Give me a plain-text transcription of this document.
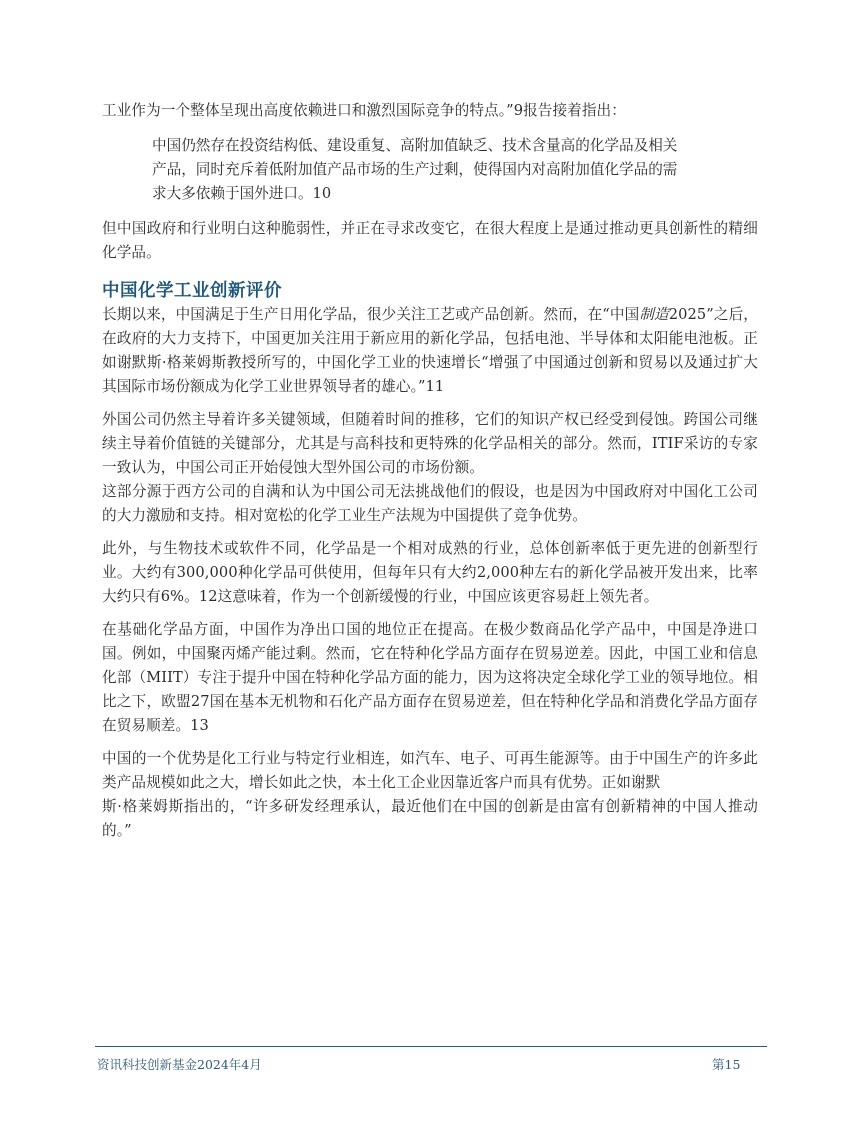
工业作为一个整体呈现出高度依赖进口和激烈国际竞争的特点。”9报告接着指出：

中国仍然存在投资结构低、建设重复、高附加值缺乏、技术含量高的化学品及相关产品，同时充斥着低附加值产品市场的生产过剩，使得国内对高附加值化学品的需求大多依赖于国外进口。10

但中国政府和行业明白这种脆弱性，并正在寻求改变它，在很大程度上是通过推动更具创新性的精细化学品。

中国化学工业创新评价

长期以来，中国满足于生产日用化学品，很少关注工艺或产品创新。然而，在“中国制造2025”之后，在政府的大力支持下，中国更加关注用于新应用的新化学品，包括电池、半导体和太阳能电池板。正如谢默斯·格莱姆斯教授所写的，中国化学工业的快速增长“增强了中国通过创新和贸易以及通过扩大其国际市场份额成为化学工业世界领导者的雄心。”11

外国公司仍然主导着许多关键领域，但随着时间的推移，它们的知识产权已经受到侵蚀。跨国公司继续主导着价值链的关键部分，尤其是与高科技和更特殊的化学品相关的部分。然而，ITIF采访的专家一致认为，中国公司正开始侵蚀大型外国公司的市场份额。

这部分源于西方公司的自满和认为中国公司无法挑战他们的假设，也是因为中国政府对中国化工公司的大力激励和支持。相对宽松的化学工业生产法规为中国提供了竞争优势。

此外，与生物技术或软件不同，化学品是一个相对成熟的行业，总体创新率低于更先进的创新型行业。大约有300,000种化学品可供使用，但每年只有大约2,000种左右的新化学品被开发出来，比率大约只有6%。12这意味着，作为一个创新缓慢的行业，中国应该更容易赶上领先者。

在基础化学品方面，中国作为净出口国的地位正在提高。在极少数商品化学产品中，中国是净进口国。例如，中国聚丙烯产能过剩。然而，它在特种化学品方面存在贸易逆差。因此，中国工业和信息化部（MIIT）专注于提升中国在特种化学品方面的能力，因为这将决定全球化学工业的领导地位。相比之下，欧盟27国在基本无机物和石化产品方面存在贸易逆差，但在特种化学品和消费化学品方面存在贸易顺差。13

中国的一个优势是化工行业与特定行业相连，如汽车、电子、可再生能源等。由于中国生产的许多此类产品规模如此之大，增长如此之快，本土化工企业因靠近客户而具有优势。正如谢默
斯·格莱姆斯指出的，“许多研发经理承认，最近他们在中国的创新是由富有创新精神的中国人推动的。”

资讯科技创新基金2024年4月	第15
